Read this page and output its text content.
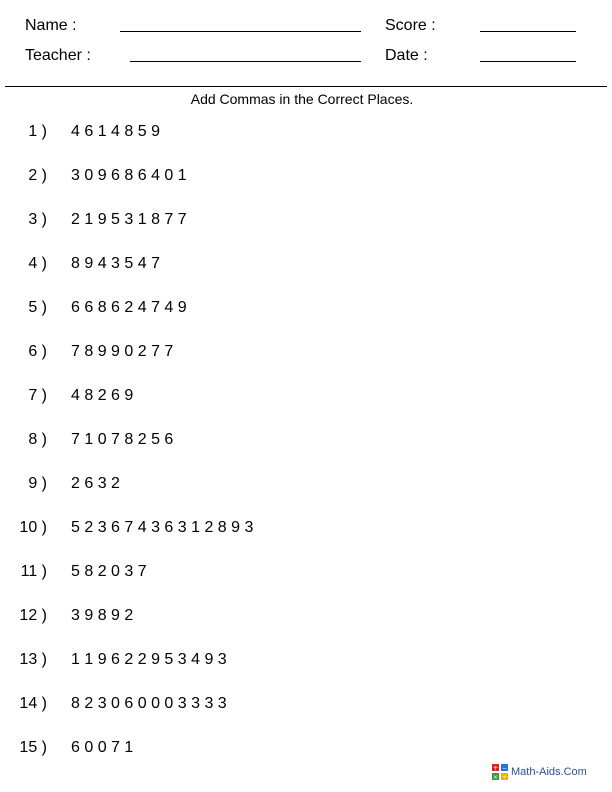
Name :	Score :
Teacher :	Date :
Add Commas in the Correct Places.
1 ) 4 6 1 4 8 5 9
2 ) 3 0 9 6 8 6 4 0 1
3 ) 2 1 9 5 3 1 8 7 7
4 ) 8 9 4 3 5 4 7
5 ) 6 6 8 6 2 4 7 4 9
6 ) 7 8 9 9 0 2 7 7
7 ) 4 8 2 6 9
8 ) 7 1 0 7 8 2 5 6
9 ) 2 6 3 2
10 ) 5 2 3 6 7 4 3 6 3 1 2 8 9 3
11 ) 5 8 2 0 3 7
12 ) 3 9 8 9 2
13 ) 1 1 9 6 2 2 9 5 3 4 9 3
14 ) 8 2 3 0 6 0 0 0 3 3 3 3
15 ) 6 0 0 7 1
+ −
× ÷ Math-Aids.Com
